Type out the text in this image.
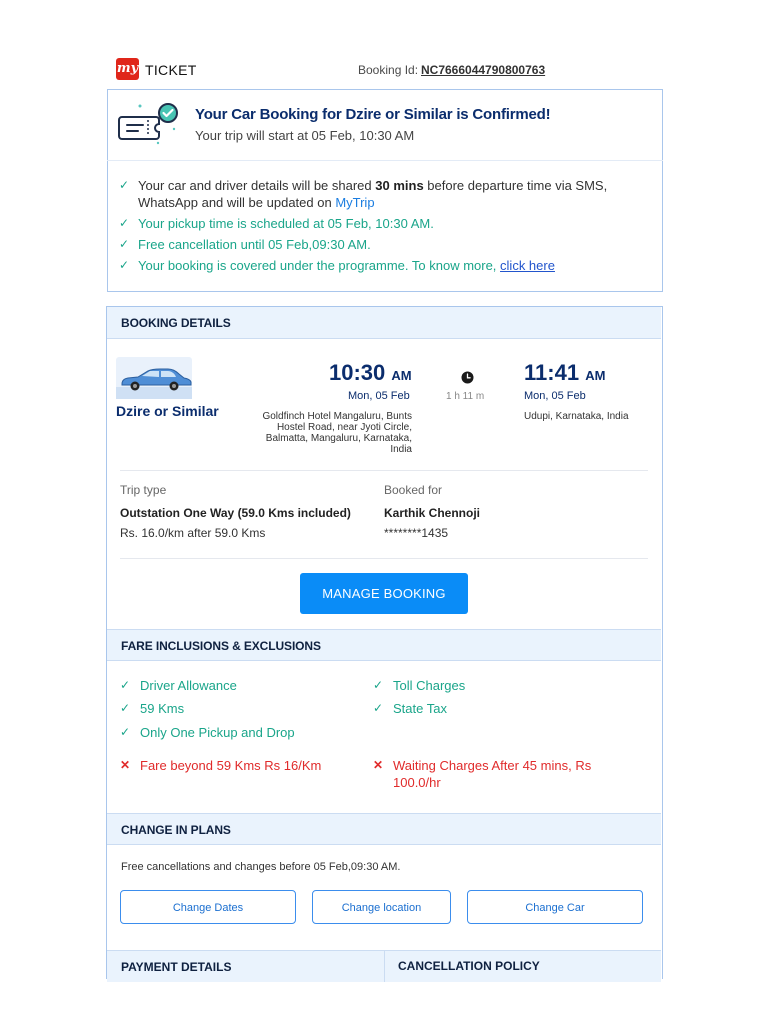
my TICKET	Booking Id: NC7666044790800763
Your Car Booking for Dzire or Similar is Confirmed!
Your trip will start at 05 Feb, 10:30 AM
✓ Your car and driver details will be shared 30 mins before departure time via SMS, WhatsApp and will be updated on MyTrip
✓ Your pickup time is scheduled at 05 Feb, 10:30 AM.
✓ Free cancellation until 05 Feb,09:30 AM.
✓ Your booking is covered under the programme. To know more, click here
BOOKING DETAILS
Dzire or Similar
10:30 AM
Mon, 05 Feb
Goldfinch Hotel Mangaluru, Bunts Hostel Road, near Jyoti Circle, Balmatta, Mangaluru, Karnataka, India
1 h 11 m
11:41 AM
Mon, 05 Feb
Udupi, Karnataka, India
Trip type
Outstation One Way (59.0 Kms included)
Rs. 16.0/km after 59.0 Kms
Booked for
Karthik Chennoji
********1435
MANAGE BOOKING
FARE INCLUSIONS & EXCLUSIONS
✓ Driver Allowance
✓ 59 Kms
✓ Only One Pickup and Drop
✓ Toll Charges
✓ State Tax
✕ Fare beyond 59 Kms Rs 16/Km	✕ Waiting Charges After 45 mins, Rs 100.0/hr
CHANGE IN PLANS
Free cancellations and changes before 05 Feb,09:30 AM.
Change Dates	Change location	Change Car
PAYMENT DETAILS	CANCELLATION POLICY
